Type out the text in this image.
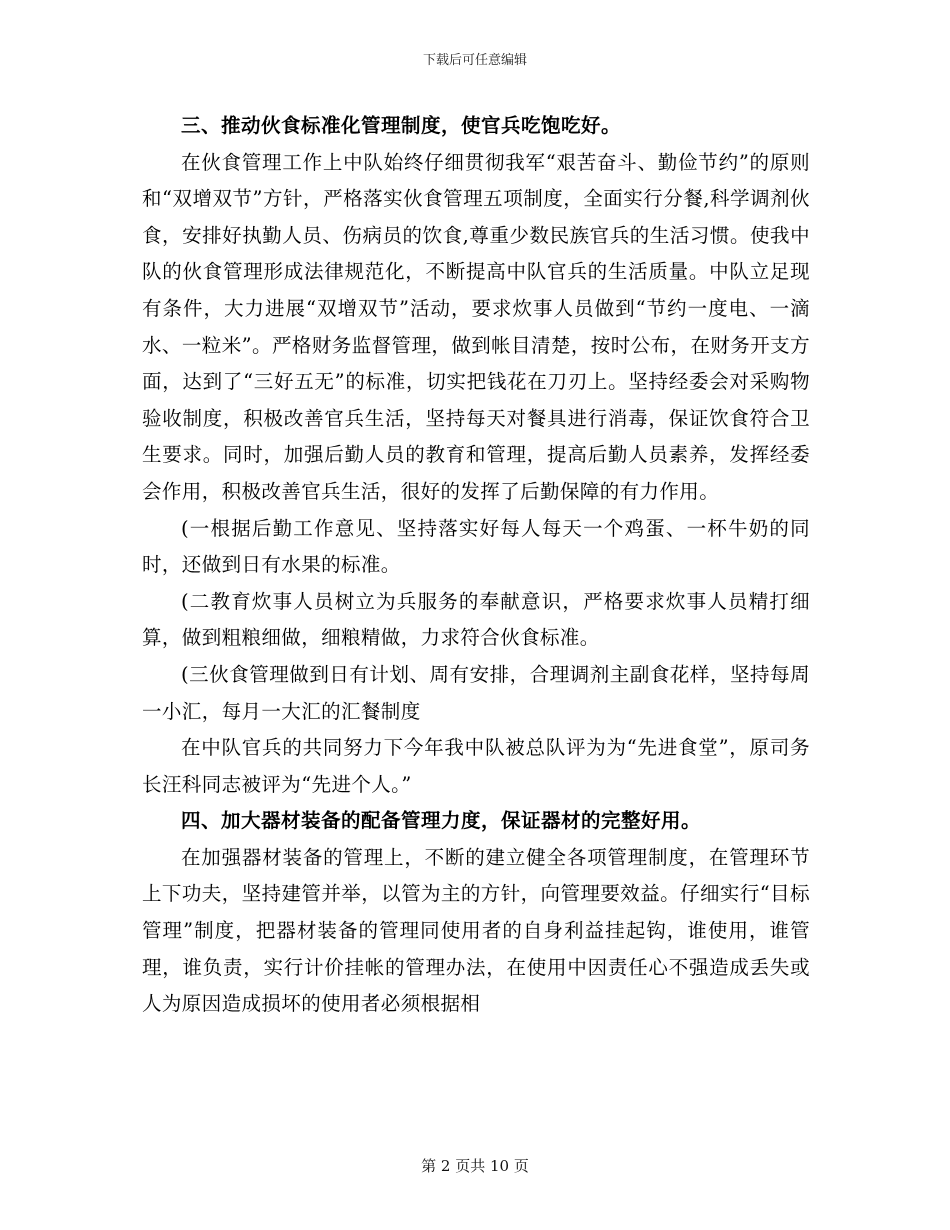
下载后可任意编辑
三、推动伙食标准化管理制度，使官兵吃饱吃好。

在伙食管理工作上中队始终仔细贯彻我军“艰苦奋斗、勤俭节约”的原则和“双增双节”方针，严格落实伙食管理五项制度，全面实行分餐,科学调剂伙食，安排好执勤人员、伤病员的饮食,尊重少数民族官兵的生活习惯。使我中队的伙食管理形成法律规范化，不断提高中队官兵的生活质量。中队立足现有条件，大力进展“双增双节”活动，要求炊事人员做到“节约一度电、一滴水、一粒米”。严格财务监督管理，做到帐目清楚，按时公布，在财务开支方面，达到了“三好五无”的标准，切实把钱花在刀刃上。坚持经委会对采购物验收制度，积极改善官兵生活，坚持每天对餐具进行消毒，保证饮食符合卫生要求。同时，加强后勤人员的教育和管理，提高后勤人员素养，发挥经委会作用，积极改善官兵生活，很好的发挥了后勤保障的有力作用。

(一根据后勤工作意见、坚持落实好每人每天一个鸡蛋、一杯牛奶的同时，还做到日有水果的标准。

(二教育炊事人员树立为兵服务的奉献意识，严格要求炊事人员精打细算，做到粗粮细做，细粮精做，力求符合伙食标准。

(三伙食管理做到日有计划、周有安排，合理调剂主副食花样，坚持每周一小汇，每月一大汇的汇餐制度

在中队官兵的共同努力下今年我中队被总队评为为“先进食堂”，原司务长汪科同志被评为“先进个人。”

四、加大器材装备的配备管理力度，保证器材的完整好用。

在加强器材装备的管理上，不断的建立健全各项管理制度，在管理环节上下功夫，坚持建管并举，以管为主的方针，向管理要效益。仔细实行“目标管理”制度，把器材装备的管理同使用者的自身利益挂起钩，谁使用，谁管理，谁负责，实行计价挂帐的管理办法，在使用中因责任心不强造成丢失或人为原因造成损坏的使用者必须根据相

第 2 页共 10 页
